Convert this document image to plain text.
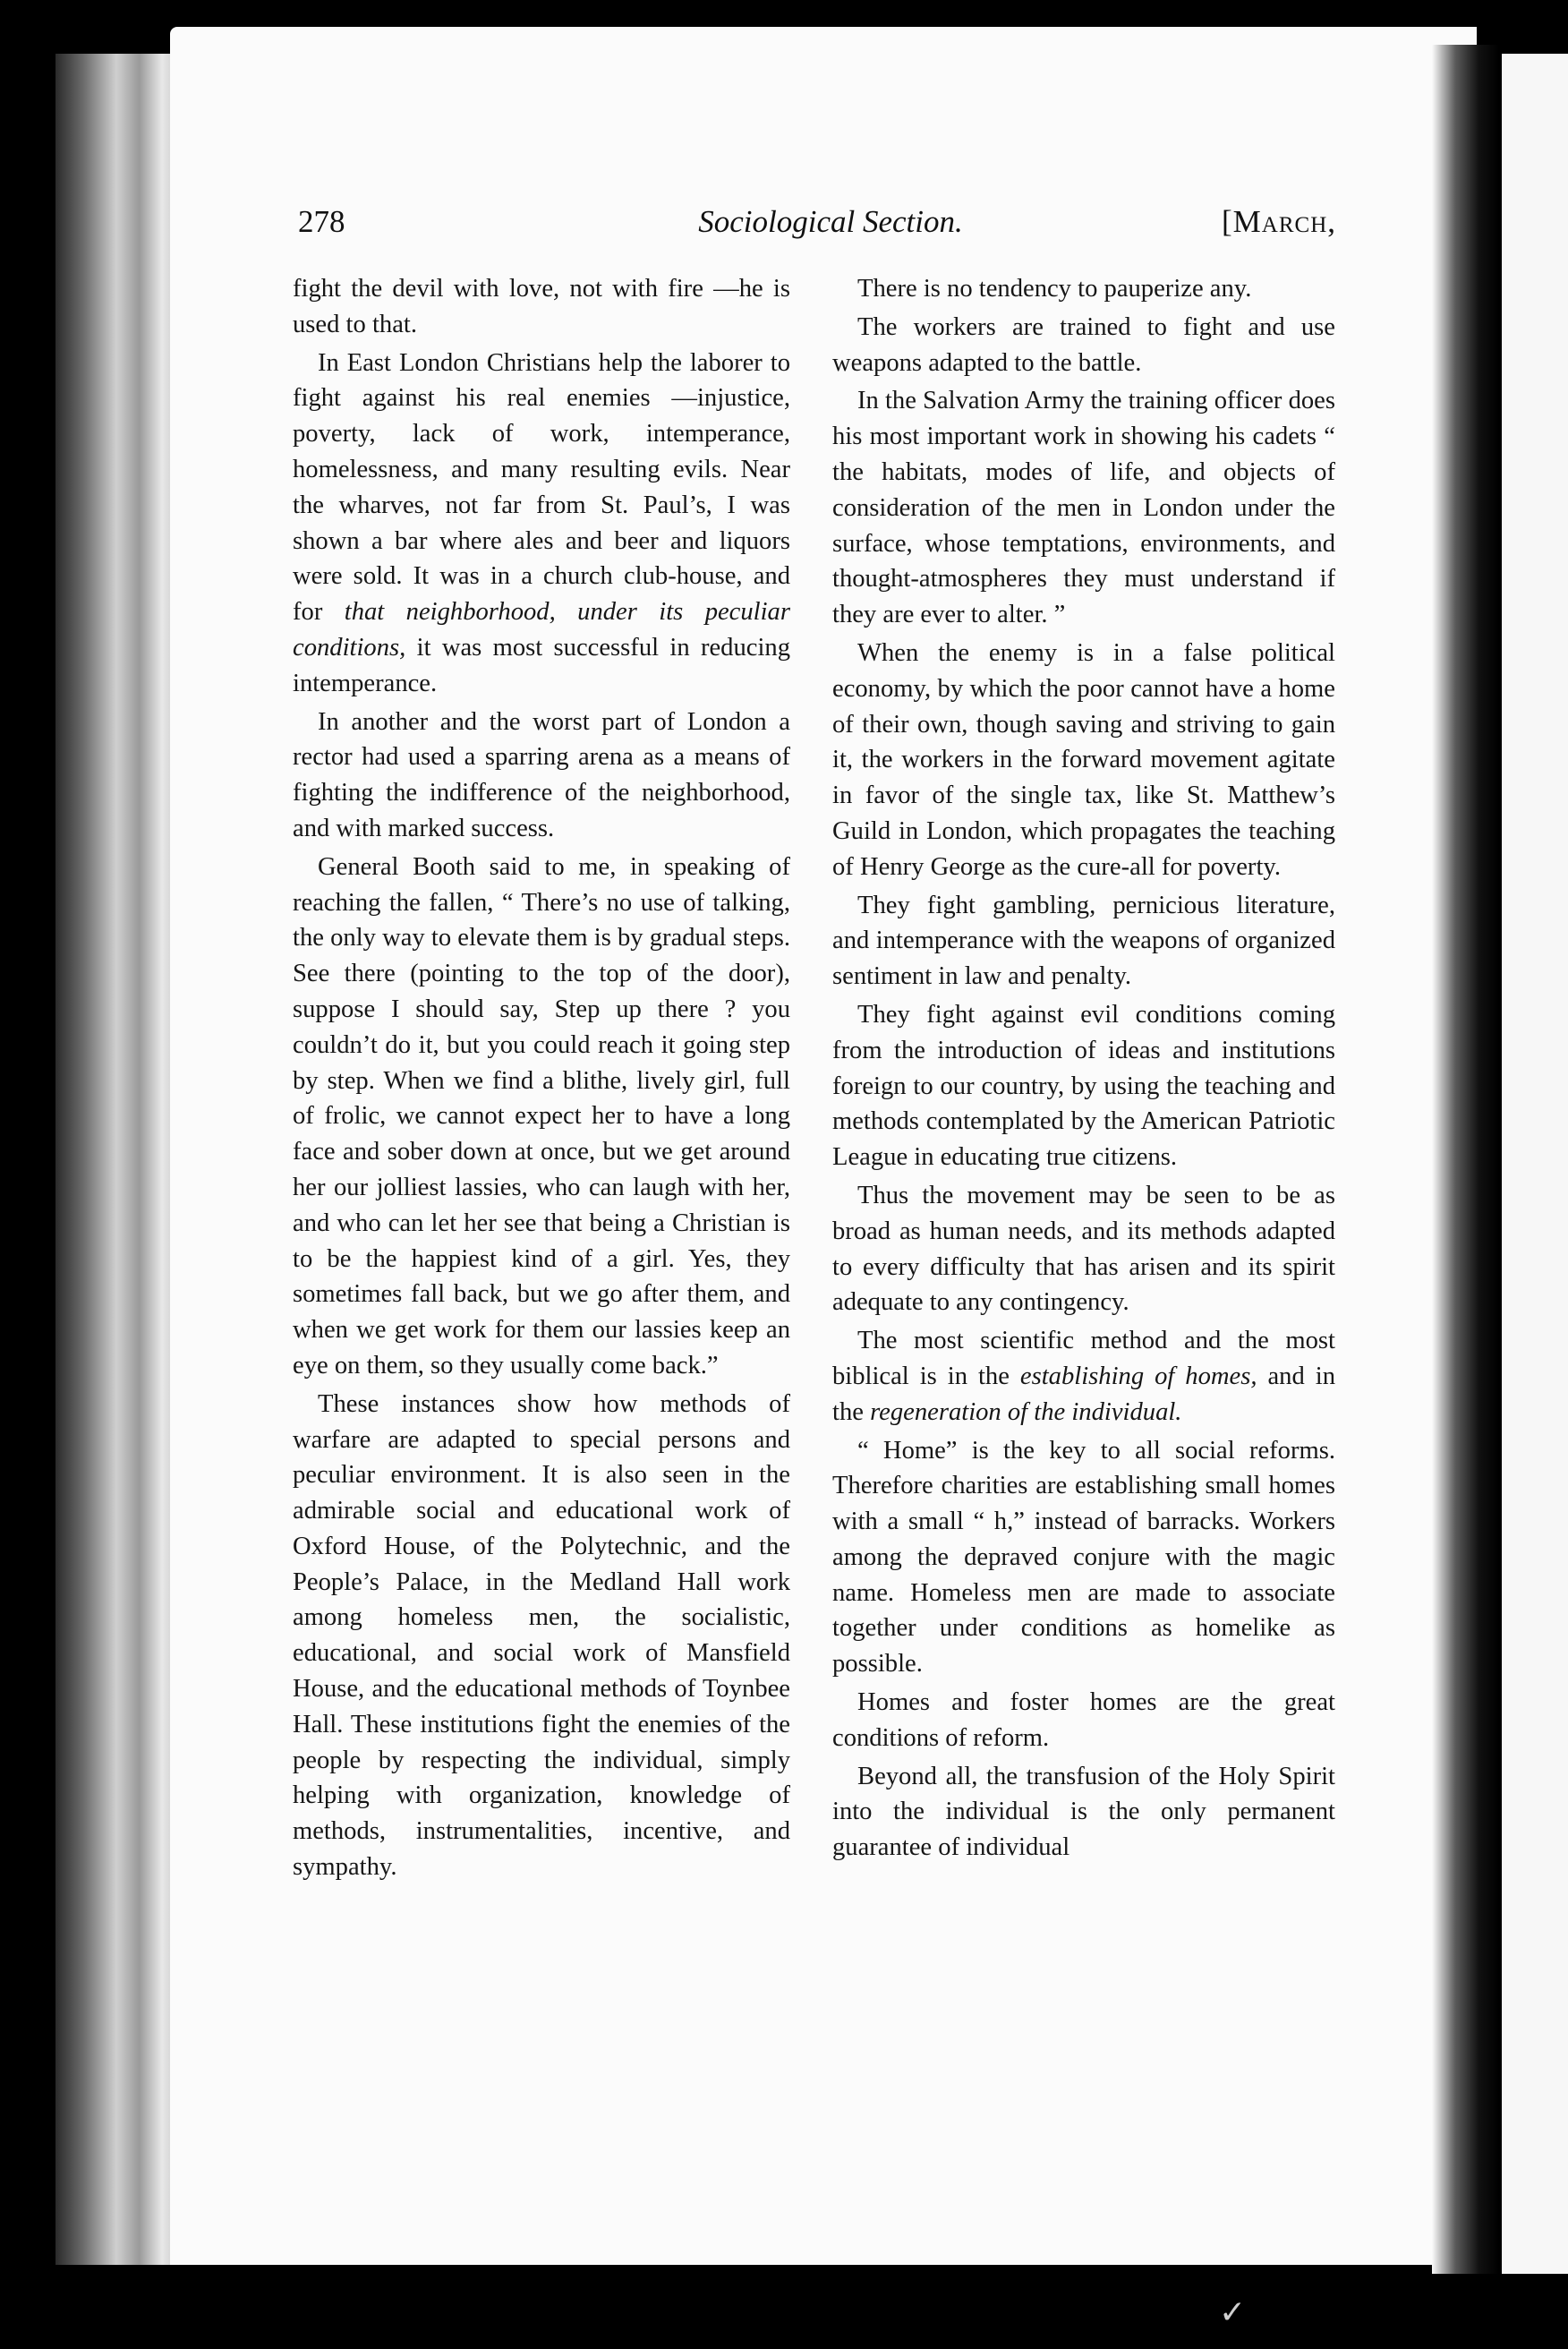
278	Sociological Section.	[March,

fight the devil with love, not with fire —he is used to that.

In East London Christians help the laborer to fight against his real enemies —injustice, poverty, lack of work, intemperance, homelessness, and many resulting evils. Near the wharves, not far from St. Paul’s, I was shown a bar where ales and beer and liquors were sold. It was in a church club-house, and for that neighborhood, under its peculiar conditions, it was most successful in reducing intemperance.

In another and the worst part of London a rector had used a sparring arena as a means of fighting the indifference of the neighborhood, and with marked success.

General Booth said to me, in speaking of reaching the fallen, “ There’s no use of talking, the only way to elevate them is by gradual steps. See there (pointing to the top of the door), suppose I should say, Step up there ? you couldn’t do it, but you could reach it going step by step. When we find a blithe, lively girl, full of frolic, we cannot expect her to have a long face and sober down at once, but we get around her our jolliest lassies, who can laugh with her, and who can let her see that being a Christian is to be the happiest kind of a girl. Yes, they sometimes fall back, but we go after them, and when we get work for them our lassies keep an eye on them, so they usually come back.”

These instances show how methods of warfare are adapted to special persons and peculiar environment. It is also seen in the admirable social and educational work of Oxford House, of the Polytechnic, and the People’s Palace, in the Medland Hall work among homeless men, the socialistic, educational, and social work of Mansfield House, and the educational methods of Toynbee Hall. These institutions fight the enemies of the people by respecting the individual, simply helping with organization, knowledge of methods, instrumentalities, incentive, and sympathy.

There is no tendency to pauperize any.

The workers are trained to fight and use weapons adapted to the battle.

In the Salvation Army the training officer does his most important work in showing his cadets “ the habitats, modes of life, and objects of consideration of the men in London under the surface, whose temptations, environments, and thought-atmospheres they must understand if they are ever to alter. ”

When the enemy is in a false political economy, by which the poor cannot have a home of their own, though saving and striving to gain it, the workers in the forward movement agitate in favor of the single tax, like St. Matthew’s Guild in London, which propagates the teaching of Henry George as the cure-all for poverty.

They fight gambling, pernicious literature, and intemperance with the weapons of organized sentiment in law and penalty.

They fight against evil conditions coming from the introduction of ideas and institutions foreign to our country, by using the teaching and methods contemplated by the American Patriotic League in educating true citizens.

Thus the movement may be seen to be as broad as human needs, and its methods adapted to every difficulty that has arisen and its spirit adequate to any contingency.

The most scientific method and the most biblical is in the establishing of homes, and in the regeneration of the individual.

“ Home” is the key to all social reforms. Therefore charities are establishing small homes with a small “ h,” instead of barracks. Workers among the depraved conjure with the magic name. Homeless men are made to associate together under conditions as homelike as possible.

Homes and foster homes are the great conditions of reform.

Beyond all, the transfusion of the Holy Spirit into the individual is the only permanent guarantee of individual

✓
